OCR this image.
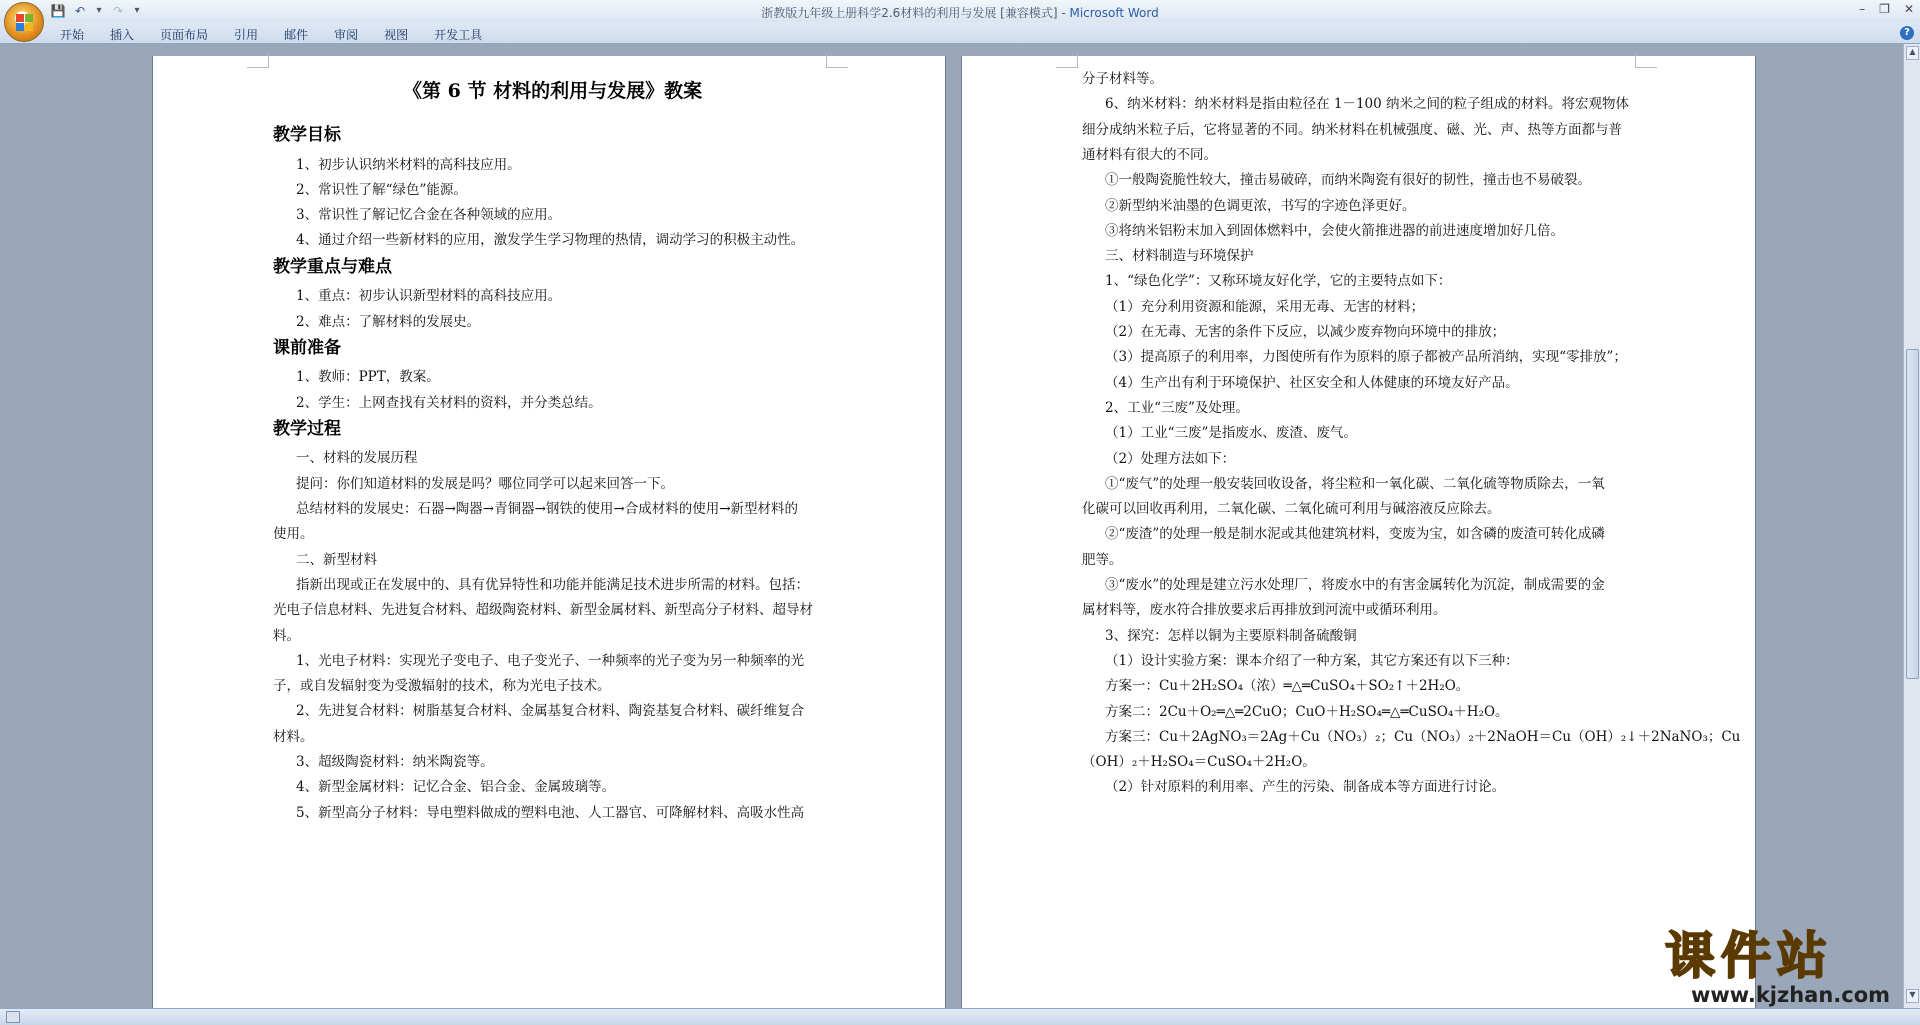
浙教版九年级上册科学2.6材料的利用与发展 [兼容模式] - Microsoft Word
💾 ↶ ▾ ↷ ▾	– ❐ ✕
开始	插入	页面布局	引用	邮件	审阅	视图	开发工具	?
《第 6 节 材料的利用与发展》教案
教学目标
1、初步认识纳米材料的高科技应用。
2、常识性了解“绿色”能源。
3、常识性了解记忆合金在各种领域的应用。
4、通过介绍一些新材料的应用，激发学生学习物理的热情，调动学习的积极主动性。
教学重点与难点
1、重点：初步认识新型材料的高科技应用。
2、难点：了解材料的发展史。
课前准备
1、教师：PPT，教案。
2、学生：上网查找有关材料的资料，并分类总结。
教学过程
一、材料的发展历程
提问：你们知道材料的发展是吗？哪位同学可以起来回答一下。
总结材料的发展史：石器→陶器→青铜器→钢铁的使用→合成材料的使用→新型材料的
使用。
二、新型材料
指新出现或正在发展中的、具有优异特性和功能并能满足技术进步所需的材料。包括：
光电子信息材料、先进复合材料、超级陶瓷材料、新型金属材料、新型高分子材料、超导材
料。
1、光电子材料：实现光子变电子、电子变光子、一种频率的光子变为另一种频率的光
子，或自发辐射变为受激辐射的技术，称为光电子技术。
2、先进复合材料：树脂基复合材料、金属基复合材料、陶瓷基复合材料、碳纤维复合
材料。
3、超级陶瓷材料：纳米陶瓷等。
4、新型金属材料：记忆合金、铝合金、金属玻璃等。
5、新型高分子材料：导电塑料做成的塑料电池、人工器官、可降解材料、高吸水性高
分子材料等。
6、纳米材料：纳米材料是指由粒径在 1－100 纳米之间的粒子组成的材料。将宏观物体
细分成纳米粒子后，它将显著的不同。纳米材料在机械强度、磁、光、声、热等方面都与普
通材料有很大的不同。
①一般陶瓷脆性较大，撞击易破碎，而纳米陶瓷有很好的韧性，撞击也不易破裂。
②新型纳米油墨的色调更浓，书写的字迹色泽更好。
③将纳米铝粉末加入到固体燃料中，会使火箭推进器的前进速度增加好几倍。
三、材料制造与环境保护
1、“绿色化学”：又称环境友好化学，它的主要特点如下：
（1）充分利用资源和能源，采用无毒、无害的材料；
（2）在无毒、无害的条件下反应，以减少废弃物向环境中的排放；
（3）提高原子的利用率，力图使所有作为原料的原子都被产品所消纳，实现“零排放”；
（4）生产出有利于环境保护、社区安全和人体健康的环境友好产品。
2、工业“三废”及处理。
（1）工业“三废”是指废水、废渣、废气。
（2）处理方法如下：
①“废气”的处理一般安装回收设备，将尘粒和一氧化碳、二氧化硫等物质除去，一氧
化碳可以回收再利用，二氧化碳、二氧化硫可利用与碱溶液反应除去。
②“废渣”的处理一般是制水泥或其他建筑材料，变废为宝，如含磷的废渣可转化成磷
肥等。
③“废水”的处理是建立污水处理厂，将废水中的有害金属转化为沉淀，制成需要的金
属材料等，废水符合排放要求后再排放到河流中或循环利用。
3、探究：怎样以铜为主要原料制备硫酸铜
（1）设计实验方案：课本介绍了一种方案，其它方案还有以下三种：
方案一：Cu＋2H₂SO₄（浓）═△═CuSO₄＋SO₂↑＋2H₂O。
方案二：2Cu＋O₂═△═2CuO；CuO＋H₂SO₄═△═CuSO₄＋H₂O。
方案三：Cu＋2AgNO₃＝2Ag＋Cu（NO₃）₂；Cu（NO₃）₂＋2NaOH＝Cu（OH）₂↓＋2NaNO₃；Cu
（OH）₂＋H₂SO₄＝CuSO₄＋2H₂O。
（2）针对原料的利用率、产生的污染、制备成本等方面进行讨论。
▲
▼
课件站
www.kjzhan.com
